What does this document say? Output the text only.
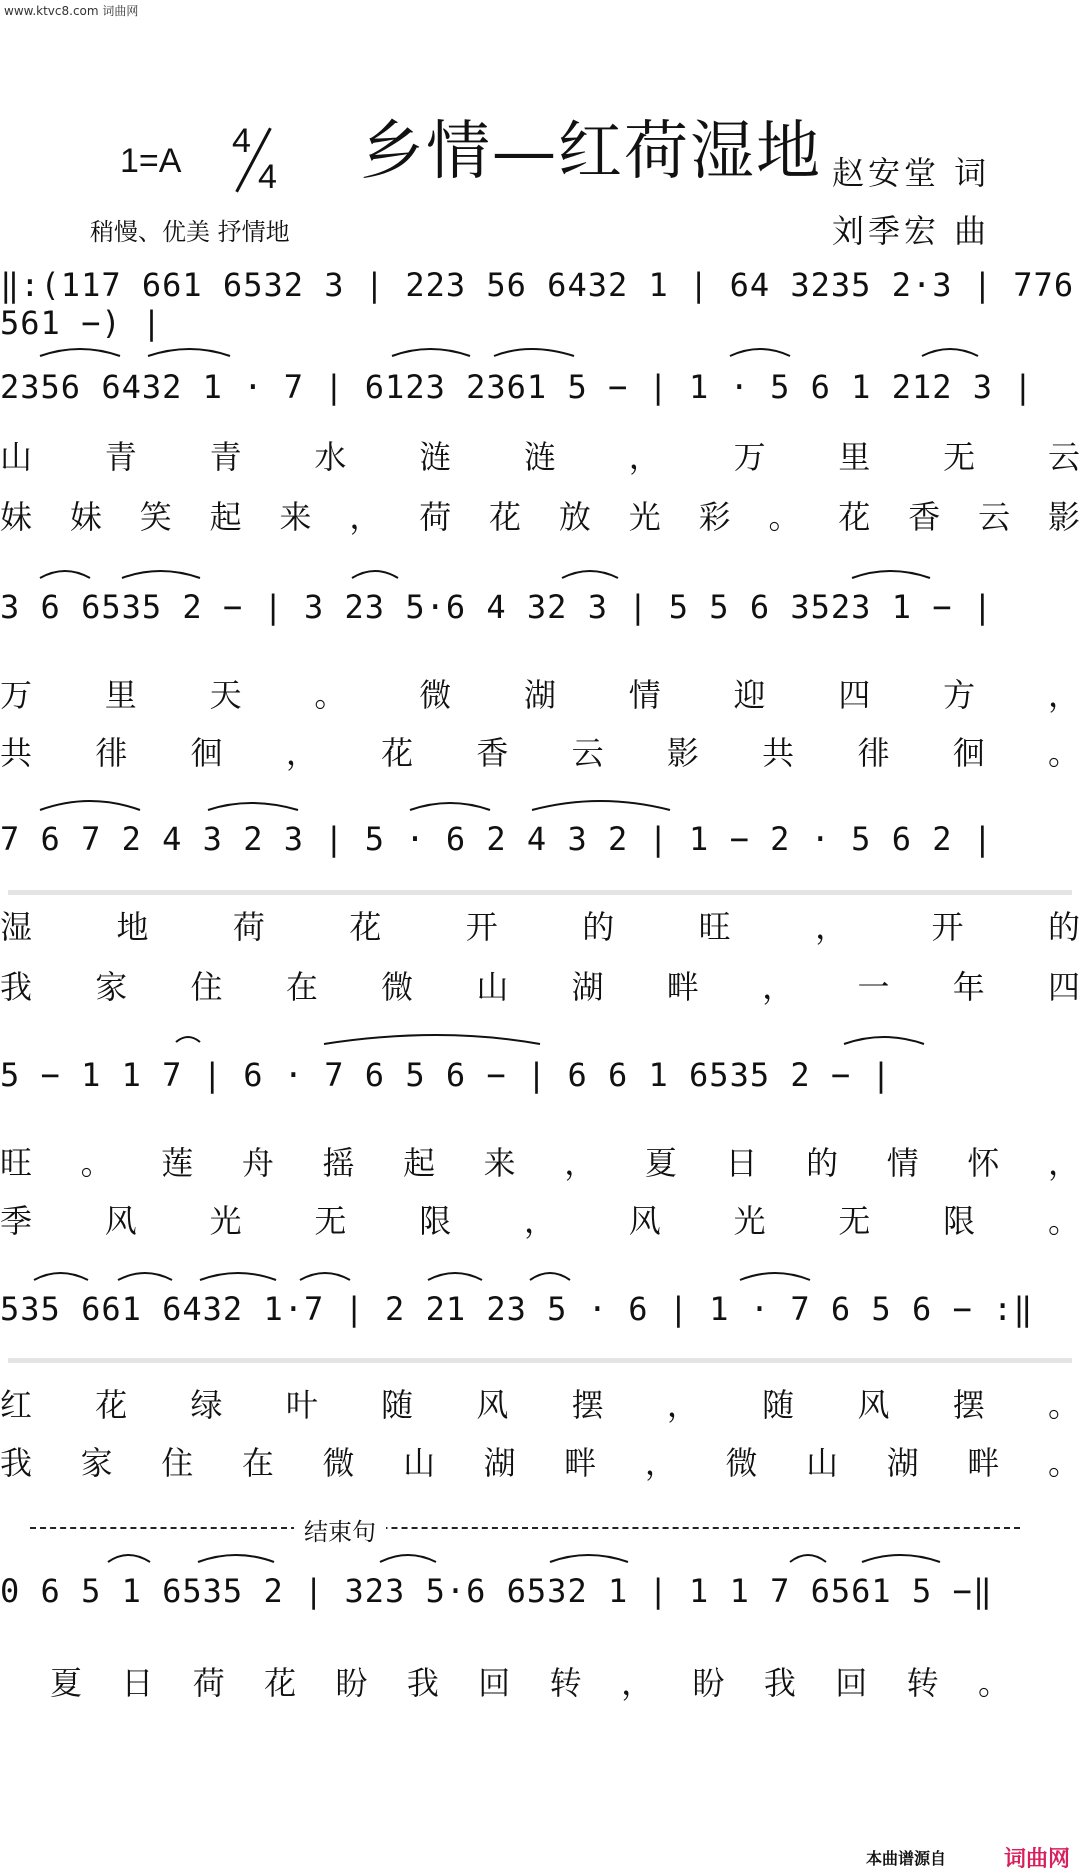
www.ktvc8.com 词曲网
乡情—红荷湿地
1=A
4
4
稍慢、优美 抒情地
赵安堂 词
刘季宏 曲
‖:(117 661 6532 3 | 223 56 6432 1 | 64 3235 2·3 | 776 561 −) |
2356 6432 1 · 7 | 6123 2361 5 − | 1 · 5 6 1 212 3 |
山青青水涟涟，万里无云
妹妹笑起来，荷花放光彩。花香云影
3 6 6535 2 − | 3 23 5·6 4 32 3 | 5 5 6 3523 1 − |
万里天。微湖情迎四方，
共徘徊，花香云影共徘徊。
7 6 7 2 4 3 2 3 | 5 · 6 2 4 3 2 | 1 − 2 · 5 6 2 |
湿地荷花开的旺，开的
我家住在微山湖畔，一年四
5 − 1 1 7 | 6 · 7 6 5 6 − | 6 6 1 6535 2 − |
旺。莲舟摇起来，夏日的情怀，
季风光无限，风光无限。
535 661 6432 1·7 | 2 21 23 5 · 6 | 1 · 7 6 5 6 − :‖
红花绿叶随风摆，随风摆。
我家住在微山湖畔，微山湖畔。
结束句
0 6 5 1 6535 2 | 323 5·6 6532 1 | 1 1 7 6561 5 −‖
夏日荷花盼我回转，盼我回转。
本曲谱源自	词曲网
